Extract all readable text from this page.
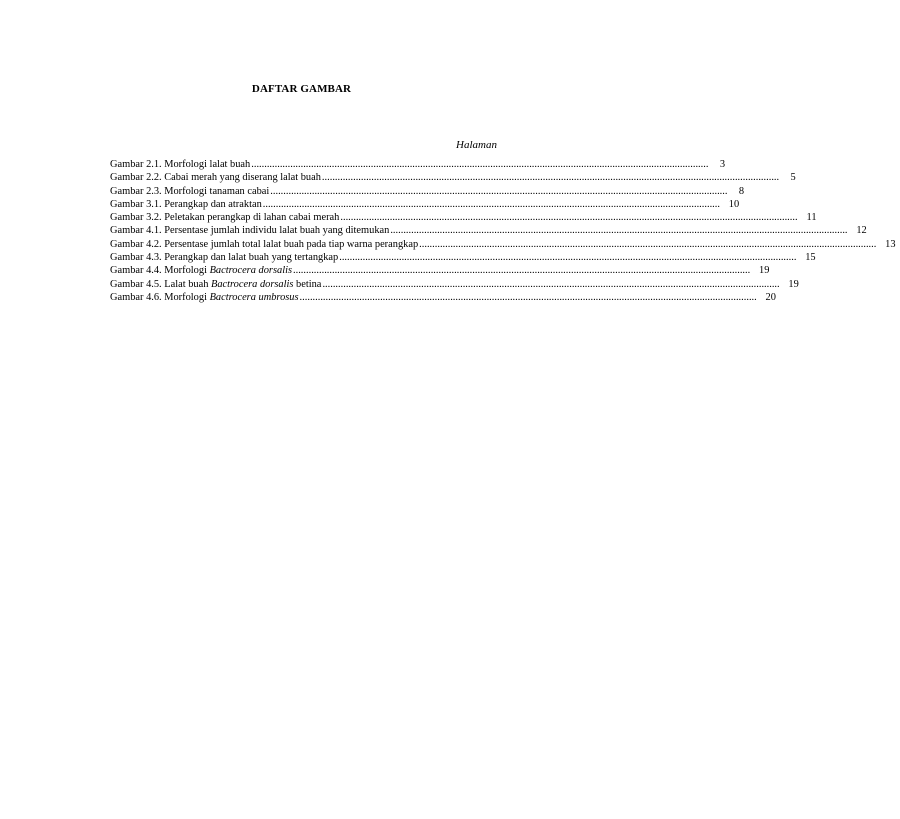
DAFTAR GAMBAR
Halaman
Gambar 2.1. Morfologi lalat buah .....	3
Gambar 2.2. Cabai merah yang diserang lalat buah .....	5
Gambar 2.3. Morfologi tanaman cabai .....	8
Gambar 3.1. Perangkap dan atraktan .....	10
Gambar 3.2. Peletakan perangkap di lahan cabai merah .....	11
Gambar 4.1. Persentase jumlah individu lalat buah yang ditemukan .....	12
Gambar 4.2. Persentase jumlah total lalat buah pada tiap warna perangkap .....	13
Gambar 4.3. Perangkap dan lalat buah yang tertangkap .....	15
Gambar 4.4. Morfologi Bactrocera dorsalis .....	19
Gambar 4.5. Lalat buah Bactrocera dorsalis betina .....	19
Gambar 4.6. Morfologi Bactrocera umbrosus .....	20
